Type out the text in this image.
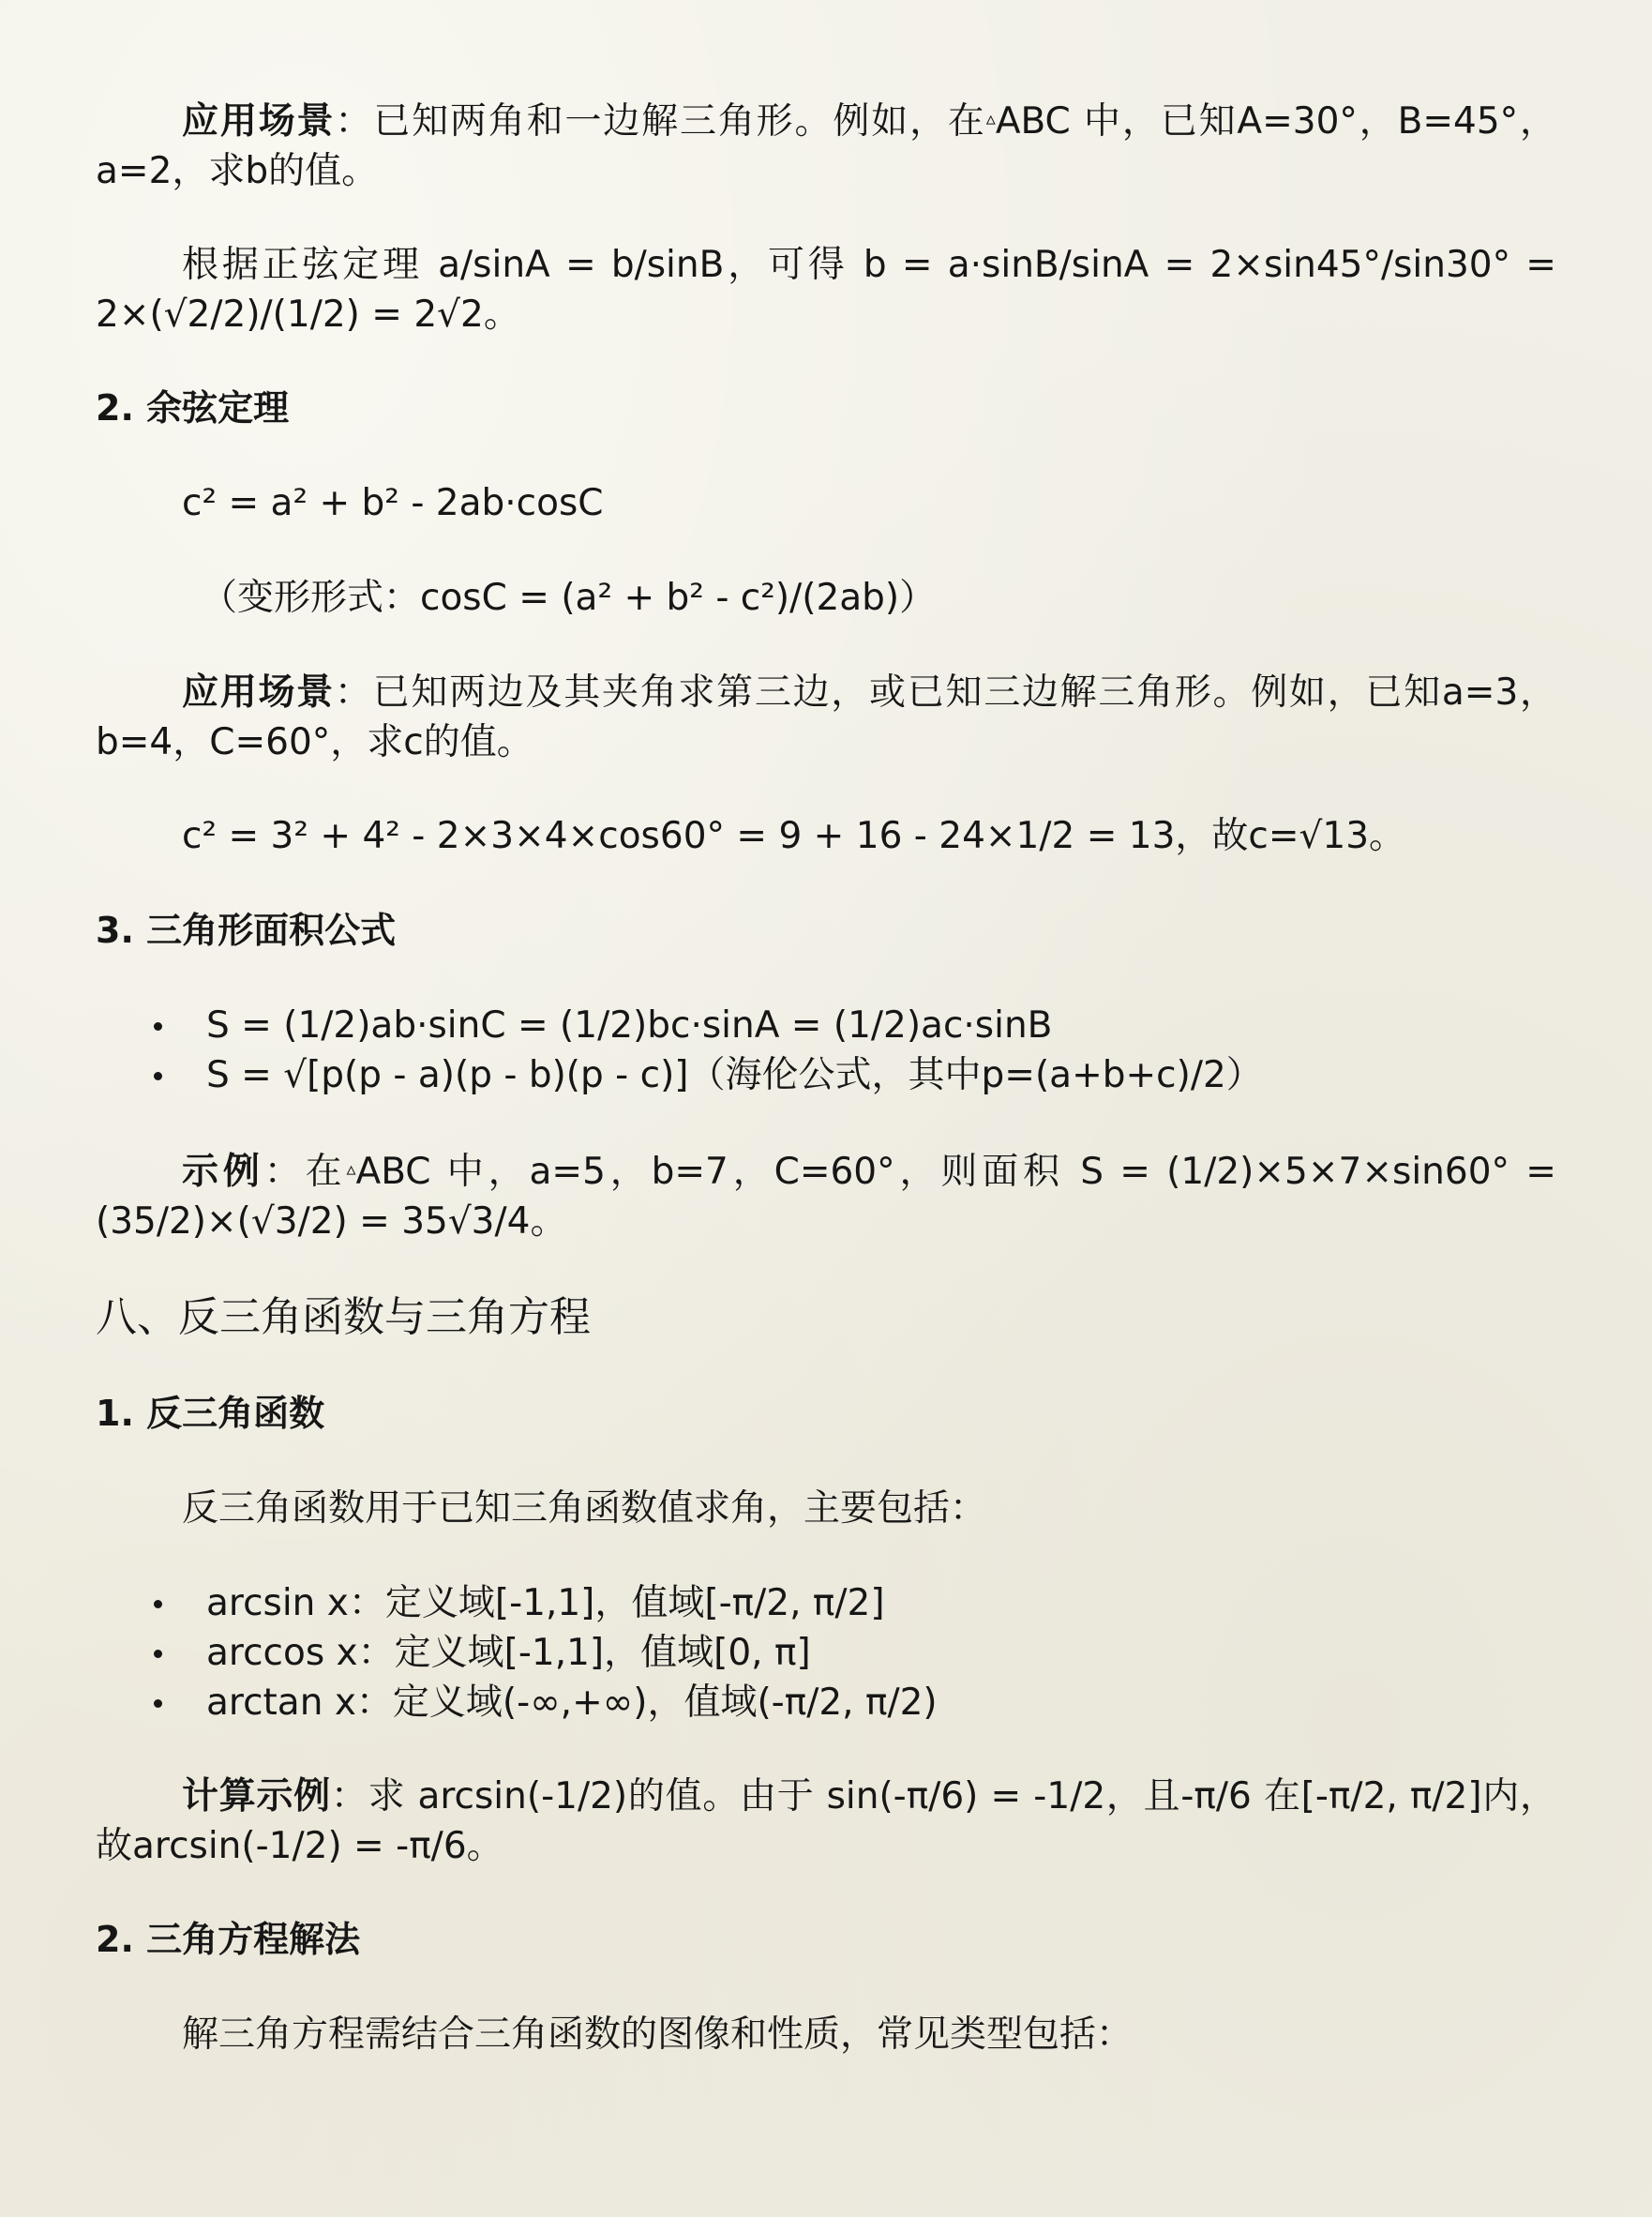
应用场景：已知两角和一边解三角形。例如，在▵ABC 中，已知A=30°，B=45°，a=2，求b的值。

根据正弦定理 a/sinA = b/sinB，可得 b = a·sinB/sinA = 2×sin45°/sin30° = 2×(√2/2)/(1/2) = 2√2。

2. 余弦定理

c² = a² + b² - 2ab·cosC

（变形形式：cosC = (a² + b² - c²)/(2ab)）

应用场景：已知两边及其夹角求第三边，或已知三边解三角形。例如，已知a=3，b=4，C=60°，求c的值。

c² = 3² + 4² - 2×3×4×cos60° = 9 + 16 - 24×1/2 = 13，故c=√13。

3. 三角形面积公式

S = (1/2)ab·sinC = (1/2)bc·sinA = (1/2)ac·sinB
S = √[p(p - a)(p - b)(p - c)]（海伦公式，其中p=(a+b+c)/2）

示例：在▵ABC 中，a=5，b=7，C=60°，则面积 S = (1/2)×5×7×sin60° = (35/2)×(√3/2) = 35√3/4。

八、反三角函数与三角方程

1. 反三角函数

反三角函数用于已知三角函数值求角，主要包括：

arcsin x：定义域[-1,1]，值域[-π/2, π/2]
arccos x：定义域[-1,1]，值域[0, π]
arctan x：定义域(-∞,+∞)，值域(-π/2, π/2)

计算示例：求 arcsin(-1/2)的值。由于 sin(-π/6) = -1/2，且-π/6 在[-π/2, π/2]内，故arcsin(-1/2) = -π/6。

2. 三角方程解法

解三角方程需结合三角函数的图像和性质，常见类型包括：
